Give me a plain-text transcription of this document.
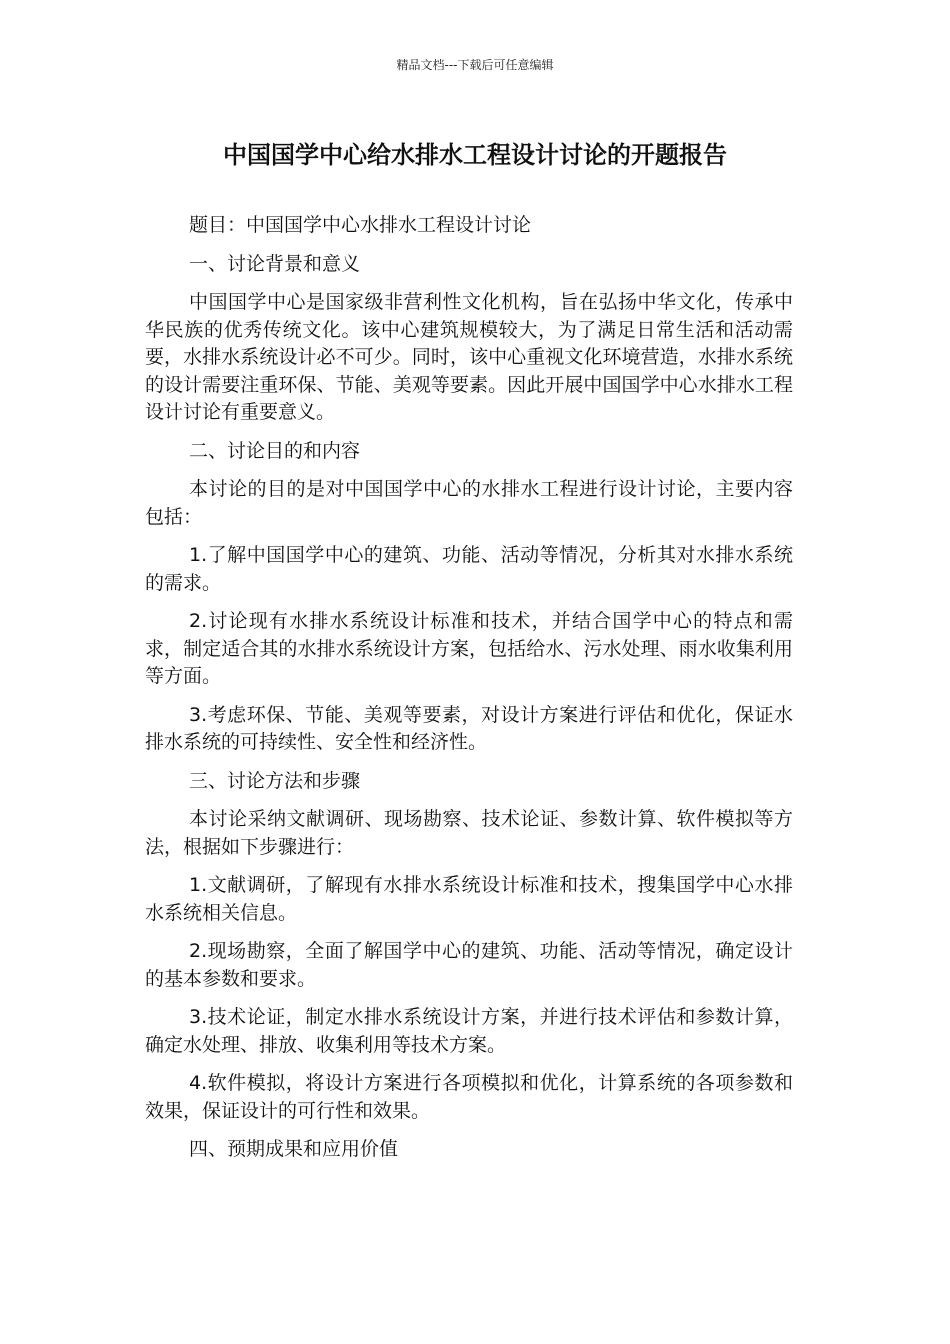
精品文档---下载后可任意编辑
中国国学中心给水排水工程设计讨论的开题报告

题目：中国国学中心水排水工程设计讨论

一、讨论背景和意义

中国国学中心是国家级非营利性文化机构，旨在弘扬中华文化，传承中华民族的优秀传统文化。该中心建筑规模较大，为了满足日常生活和活动需要，水排水系统设计必不可少。同时，该中心重视文化环境营造，水排水系统的设计需要注重环保、节能、美观等要素。因此开展中国国学中心水排水工程设计讨论有重要意义。

二、讨论目的和内容

本讨论的目的是对中国国学中心的水排水工程进行设计讨论，主要内容包括：

1.了解中国国学中心的建筑、功能、活动等情况，分析其对水排水系统的需求。

2.讨论现有水排水系统设计标准和技术，并结合国学中心的特点和需求，制定适合其的水排水系统设计方案，包括给水、污水处理、雨水收集利用等方面。

3.考虑环保、节能、美观等要素，对设计方案进行评估和优化，保证水排水系统的可持续性、安全性和经济性。

三、讨论方法和步骤

本讨论采纳文献调研、现场勘察、技术论证、参数计算、软件模拟等方法，根据如下步骤进行：

1.文献调研，了解现有水排水系统设计标准和技术，搜集国学中心水排水系统相关信息。

2.现场勘察，全面了解国学中心的建筑、功能、活动等情况，确定设计的基本参数和要求。

3.技术论证，制定水排水系统设计方案，并进行技术评估和参数计算，确定水处理、排放、收集利用等技术方案。

4.软件模拟，将设计方案进行各项模拟和优化，计算系统的各项参数和效果，保证设计的可行性和效果。

四、预期成果和应用价值
